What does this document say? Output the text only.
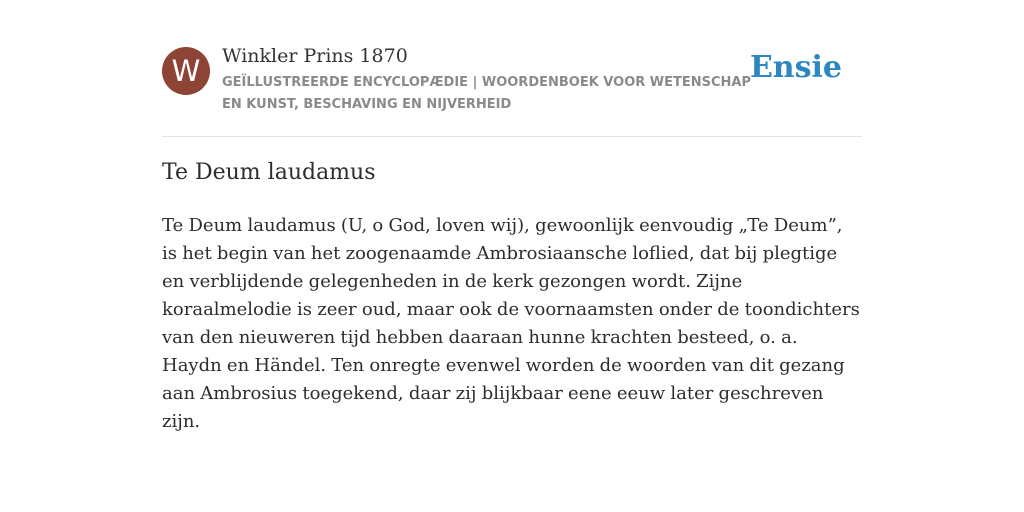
W	Winkler Prins 1870
GEÏLLUSTREERDE ENCYCLOPÆDIE | WOORDENBOEK VOOR WETENSCHAP EN KUNST, BESCHAVING EN NIJVERHEID
Ensie
Te Deum laudamus

Te Deum laudamus (U, o God, loven wij), gewoonlijk eenvoudig „Te Deum”, is het begin van het zoogenaamde Ambrosiaansche loflied, dat bij plegtige en verblijdende gelegenheden in de kerk gezongen wordt. Zijne koraalmelodie is zeer oud, maar ook de voornaamsten onder de toondichters van den nieuweren tijd hebben daaraan hunne krachten besteed, o. a. Haydn en Händel. Ten onregte evenwel worden de woorden van dit gezang aan Ambrosius toegekend, daar zij blijkbaar eene eeuw later geschreven zijn.
